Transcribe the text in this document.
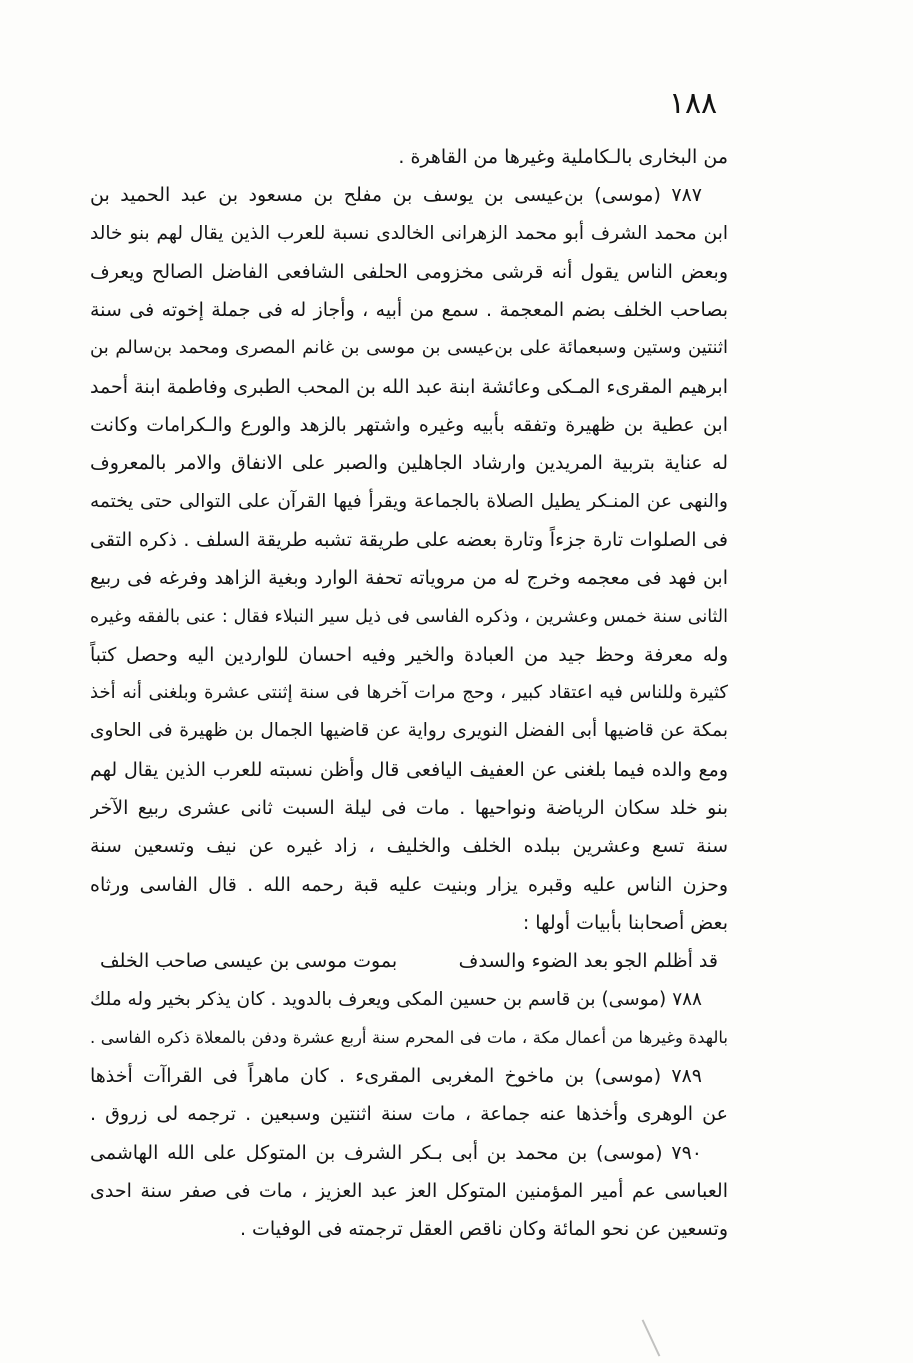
١٨٨
من البخارى بالـكاملية وغيرها من القاهرة .
٧٨٧ (موسى) بن‌عيسى بن يوسف بن مفلح بن مسعود بن عبد الحميد بن
ابن محمد الشرف أبو محمد الزهرانى الخالدى نسبة للعرب الذين يقال لهم بنو خالد
وبعض الناس يقول أنه قرشى مخزومى الحلفى الشافعى الفاضل الصالح ويعرف
بصاحب الخلف بضم المعجمة . سمع من أبيه ، وأجاز له فى جملة إخوته فى سنة
اثنتين وستين وسبعمائة على بن‌عيسى بن موسى بن غانم المصرى ومحمد بن‌سالم بن
ابرهيم المقرىء المـكى وعائشة ابنة عبد الله بن المحب الطبرى وفاطمة ابنة أحمد
ابن عطية بن ظهيرة وتفقه بأبيه وغيره واشتهر بالزهد والورع والـكرامات وكانت
له عناية بتربية المريدين وارشاد الجاهلين والصبر على الانفاق والامر بالمعروف
والنهى عن المنـكر يطيل الصلاة بالجماعة ويقرأ فيها القرآن على التوالى حتى يختمه
فى الصلوات تارة جزءاً وتارة بعضه على طريقة تشبه طريقة السلف . ذكره التقى
ابن فهد فى معجمه وخرج له من مروياته تحفة الوارد وبغية الزاهد وفرغه فى ربيع
الثانى سنة خمس وعشرين ، وذكره الفاسى فى ذيل سير النبلاء فقال : عنى بالفقه وغيره
وله معرفة وحظ جيد من العبادة والخير وفيه احسان للواردين اليه وحصل كتباً
كثيرة وللناس فيه اعتقاد كبير ، وحج مرات آخرها فى سنة إثنتى عشرة وبلغنى أنه أخذ
بمكة عن قاضيها أبى الفضل النويرى رواية عن قاضيها الجمال بن ظهيرة فى الحاوى
ومع والده فيما بلغنى عن العفيف اليافعى قال وأظن نسبته للعرب الذين يقال لهم
بنو خلد سكان الرياضة ونواحيها . مات فى ليلة السبت ثانى عشرى ربيع الآخر
سنة تسع وعشرين ببلده الخلف والخليف ، زاد غيره عن نيف وتسعين سنة
وحزن الناس عليه وقبره يزار وبنيت عليه قبة رحمه الله . قال الفاسى ورثاه
بعض أصحابنا بأبيات أولها :
قد أظلم الجو بعد الضوء والسدف
بموت موسى بن عيسى صاحب الخلف
٧٨٨ (موسى) بن قاسم بن حسين المكى ويعرف بالدويد . كان يذكر بخير وله ملك
بالهدة وغيرها من أعمال مكة ، مات فى المحرم سنة أربع عشرة ودفن بالمعلاة ذكره الفاسى .
٧٨٩ (موسى) بن ماخوخ المغربى المقرىء . كان ماهراً فى القراآت أخذها
عن الوهرى وأخذها عنه جماعة ، مات سنة اثنتين وسبعين . ترجمه لى زروق .
٧٩٠ (موسى) بن محمد بن أبى بـكر الشرف بن المتوكل على الله الهاشمى
العباسى عم أمير المؤمنين المتوكل العز عبد العزيز ، مات فى صفر سنة احدى
وتسعين عن نحو المائة وكان ناقص العقل ترجمته فى الوفيات .
